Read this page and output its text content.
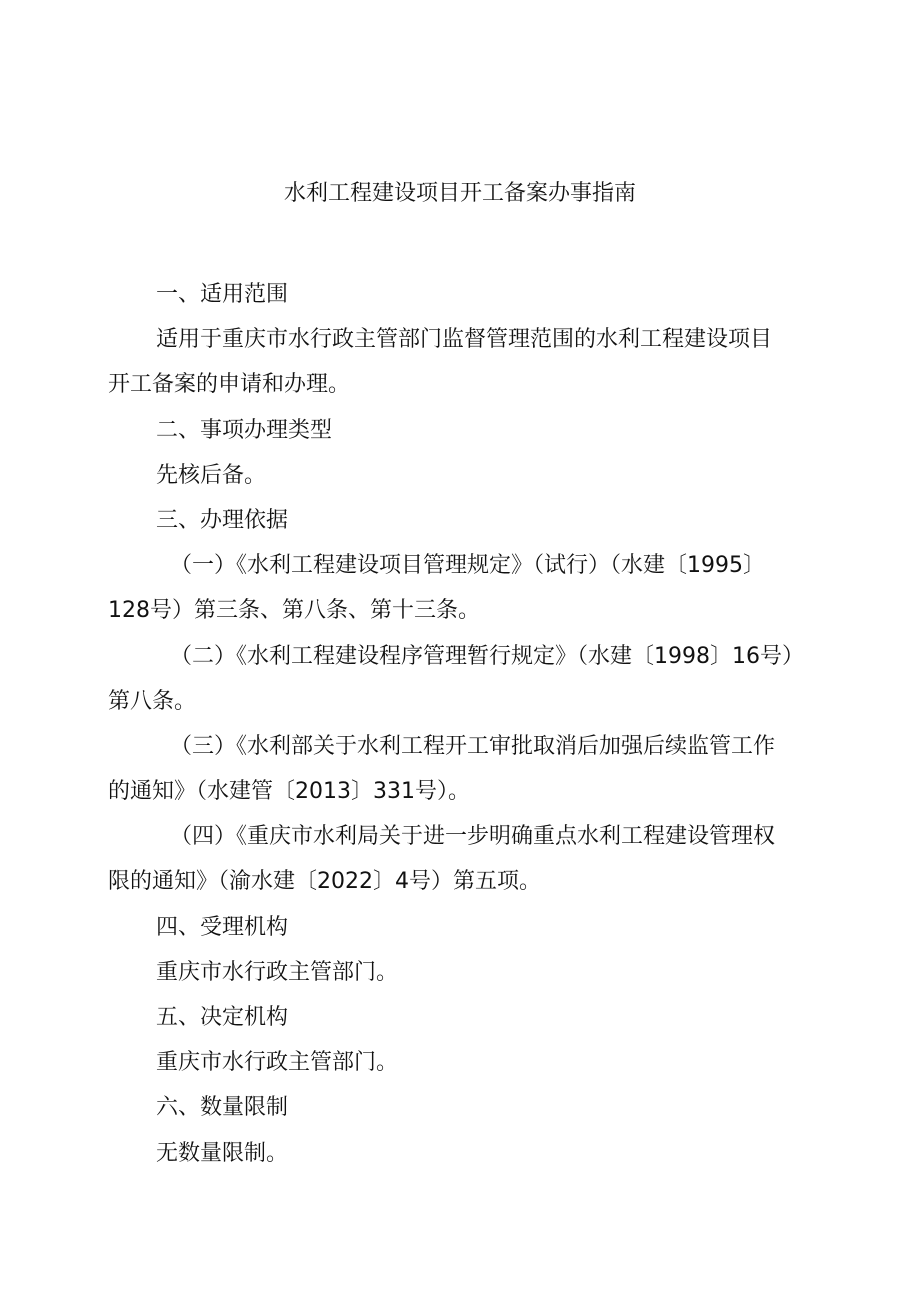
水利工程建设项目开工备案办事指南
一、适用范围
适用于重庆市水行政主管部门监督管理范围的水利工程建设项目
开工备案的申请和办理。
二、事项办理类型
先核后备。
三、办理依据
（一）《水利工程建设项目管理规定》（试行）（水建〔1995〕
128号）第三条、第八条、第十三条。
（二）《水利工程建设程序管理暂行规定》（水建〔1998〕16号）
第八条。
（三）《水利部关于水利工程开工审批取消后加强后续监管工作
的通知》（水建管〔2013〕331号）。
（四）《重庆市水利局关于进一步明确重点水利工程建设管理权
限的通知》（渝水建〔2022〕4号）第五项。
四、受理机构
重庆市水行政主管部门。
五、决定机构
重庆市水行政主管部门。
六、数量限制
无数量限制。
